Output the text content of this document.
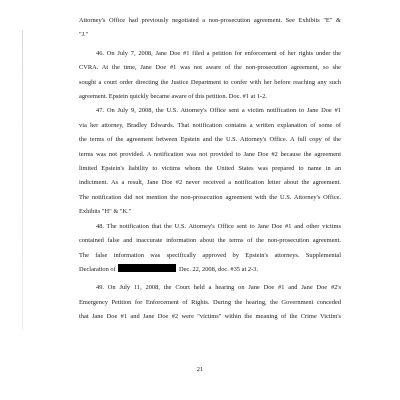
Attorney's Office had previously negotiated a non-prosecution agreement. See Exhibits "E" &
"J."
46. On July 7, 2008, Jane Doe #1 filed a petition for enforcement of her rights under the
CVRA. At the time, Jane Doe #1 was not aware of the non-prosecution agreement, so she
sought a court order directing the Justice Department to confer with her before reaching any such
agreement. Epstein quickly became aware of this petition. Doc. #1 at 1-2.
47. On July 9, 2008, the U.S. Attorney's Office sent a victim notification to Jane Doe #1
via her attorney, Bradley Edwards. That notification contains a written explanation of some of
the terms of the agreement between Epstein and the U.S. Attorney's Office. A full copy of the
terms was not provided. A notification was not provided to Jane Doe #2 because the agreement
limited Epstein's liability to victims whom the United States was prepared to name in an
indictment. As a result, Jane Doe #2 never received a notification letter about the agreement.
The notification did not mention the non-prosecution agreement with the U.S. Attorney's Office.
Exhibits "H" & "K."
48. The notification that the U.S. Attorney's Office sent to Jane Doe #1 and other victims
contained false and inaccurate information about the terms of the non-prosecution agreement.
The false information was specifically approved by Epstein's attorneys. Supplemental
Declaration of	Dec. 22, 2008, doc. #35 at 2-3.
49. On July 11, 2008, the Court held a hearing on Jane Doe #1 and Jane Doe #2's
Emergency Petition for Enforcement of Rights. During the hearing, the Government conceded
that Jane Doe #1 and Jane Doe #2 were "victims" within the meaning of the Crime Victim's
21
